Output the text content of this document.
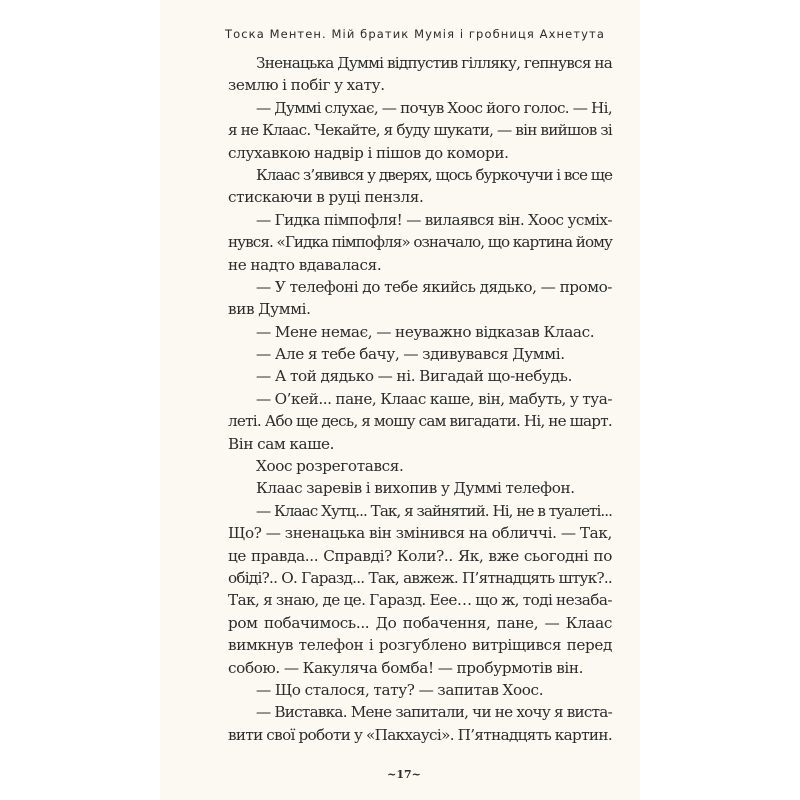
Тоска Ментен. Мій братик Мумія і гробниця Ахнетута
Зненацька Думмі відпустив гілляку, гепнувся на
землю і побіг у хату.
— Думмі слухає, — почув Хоос його голос. — Ні,
я не Клаас. Чекайте, я буду шукати, — він вийшов зі
слухавкою надвір і пішов до комори.
Клаас з’явився у дверях, щось буркочучи і все ще
стискаючи в руці пензля.
— Гидка пімпофля! — вилаявся він. Хоос усміх-
нувся. «Гидка пімпофля» означало, що картина йому
не надто вдавалася.
— У телефоні до тебе якийсь дядько, — промо-
вив Думмі.
— Мене немає, — неуважно відказав Клаас.
— Але я тебе бачу, — здивувався Думмі.
— А той дядько — ні. Вигадай що-небудь.
— О’кей... пане, Клаас каше, він, мабуть, у туа-
леті. Або ще десь, я мошу сам вигадати. Ні, не шарт.
Він сам каше.
Хоос розреготався.
Клаас заревів і вихопив у Думмі телефон.
— Клаас Хутц... Так, я зайнятий. Ні, не в туалеті...
Що? — зненацька він змінився на обличчі. — Так,
це правда... Справді? Коли?.. Як, вже сьогодні по
обіді?.. О. Гаразд... Так, авжеж. П’ятнадцять штук?..
Так, я знаю, де це. Гаразд. Еее… що ж, тоді незаба-
ром побачимось... До побачення, пане, — Клаас
вимкнув телефон і розгублено витріщився перед
собою. — Какуляча бомба! — пробурмотів він.
— Що сталося, тату? — запитав Хоос.
— Виставка. Мене запитали, чи не хочу я виста-
вити свої роботи у «Пакхаусі». П’ятнадцять картин.
~17~
